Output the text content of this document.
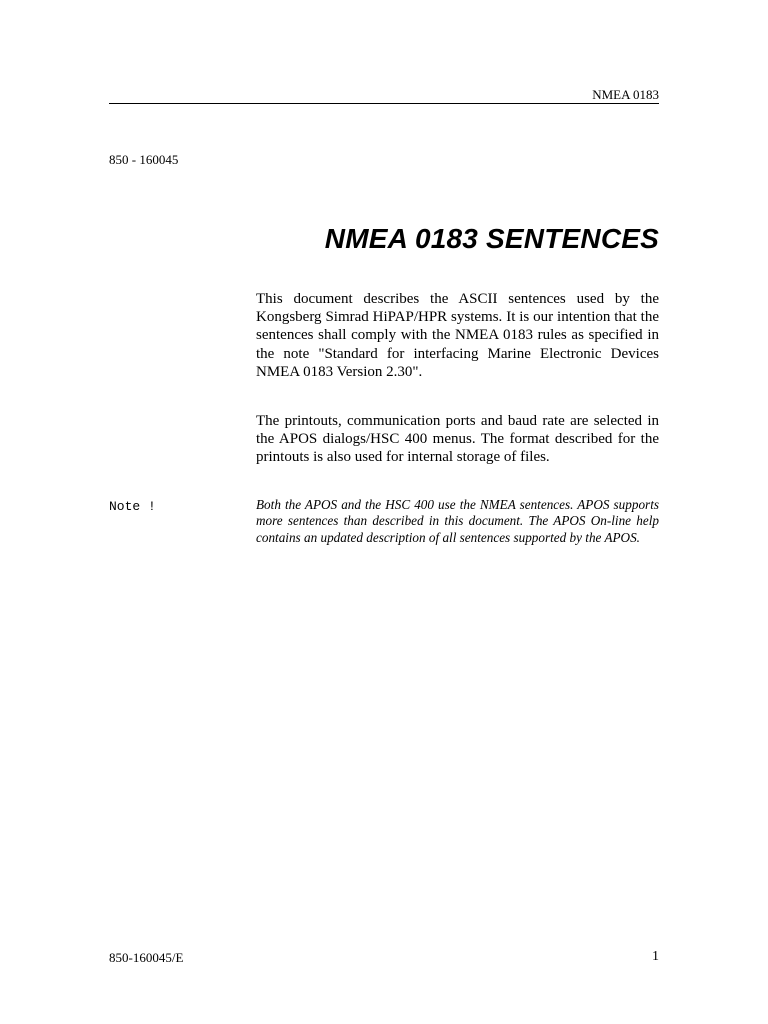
NMEA 0183
850 - 160045
NMEA 0183 SENTENCES
This document describes the ASCII sentences used by the Kongsberg Simrad HiPAP/HPR systems. It is our intention that the sentences shall comply with the NMEA 0183 rules as specified in the note "Standard for interfacing Marine Electronic Devices NMEA 0183 Version 2.30".
The printouts, communication ports and baud rate are selected in the APOS dialogs/HSC 400 menus. The format described for the printouts is also used for internal storage of files.
Note !	Both the APOS and the HSC 400 use the NMEA sentences. APOS supports more sentences than described in this document. The APOS On-line help contains an updated description of all sentences supported by the APOS.
850-160045/E	1
